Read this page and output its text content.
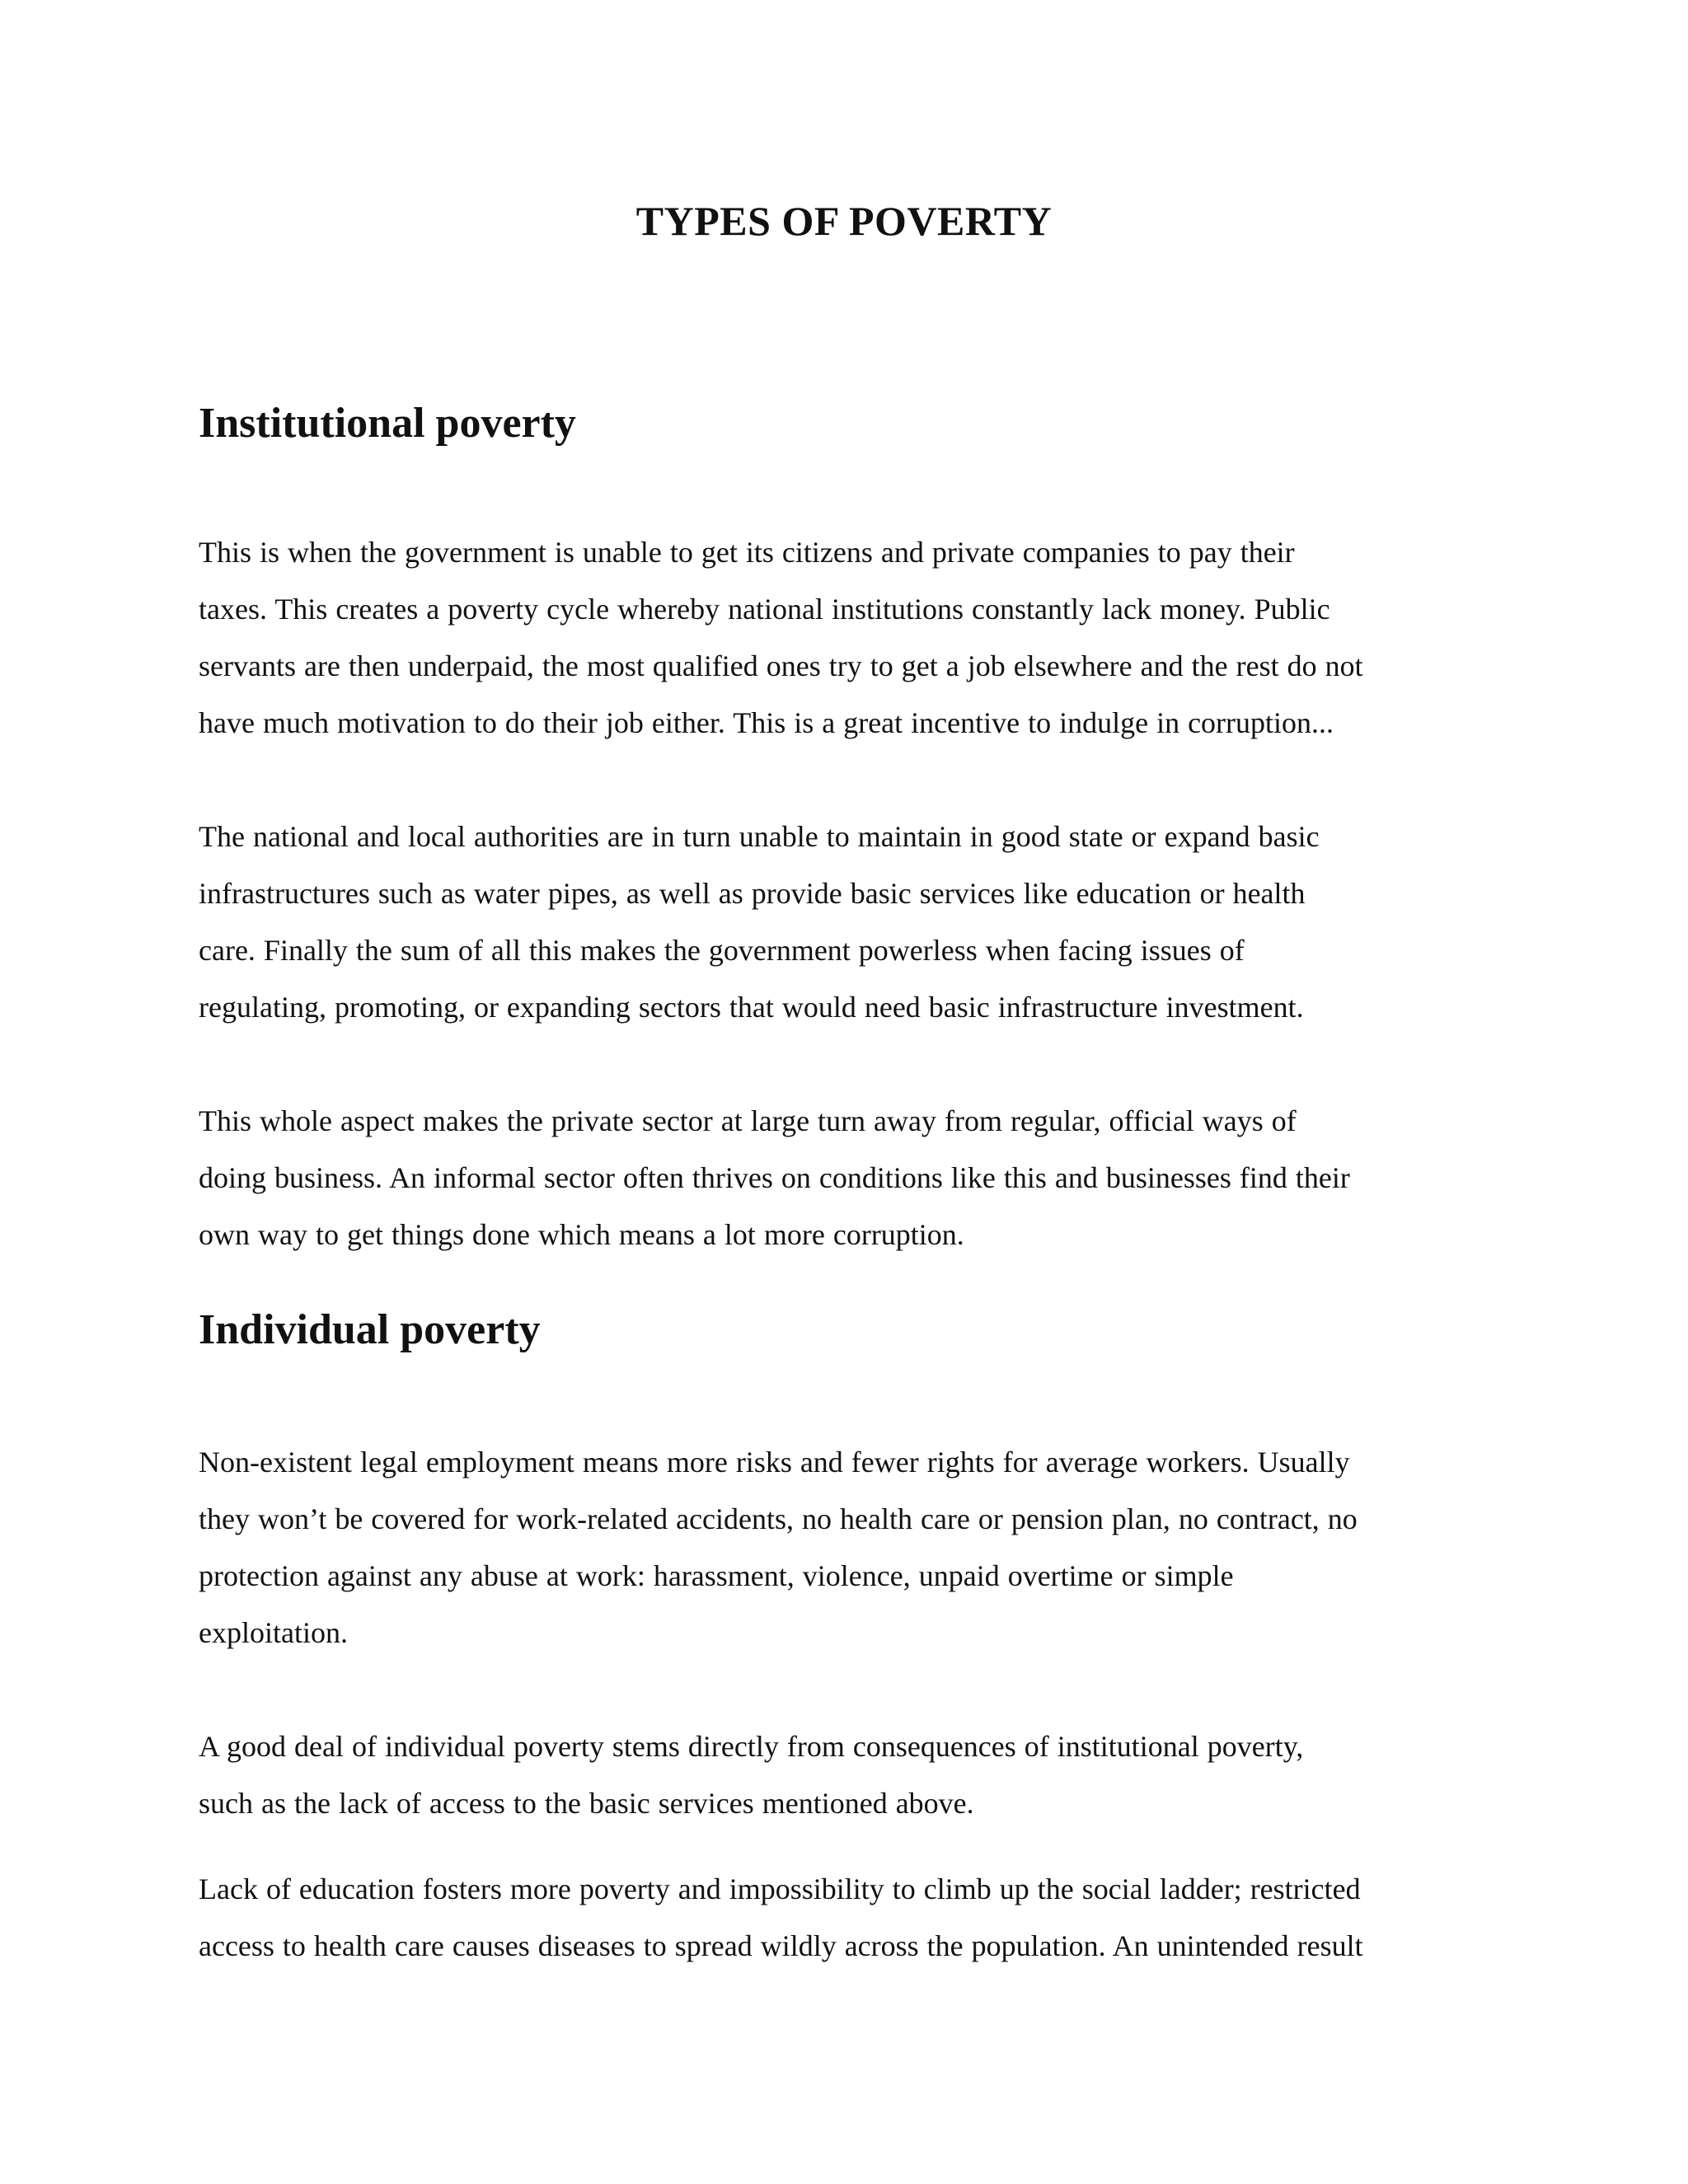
TYPES OF POVERTY
Institutional poverty

This is when the government is unable to get its citizens and private companies to pay their
taxes. This creates a poverty cycle whereby national institutions constantly lack money. Public
servants are then underpaid, the most qualified ones try to get a job elsewhere and the rest do not
have much motivation to do their job either. This is a great incentive to indulge in corruption...

The national and local authorities are in turn unable to maintain in good state or expand basic
infrastructures such as water pipes, as well as provide basic services like education or health
care. Finally the sum of all this makes the government powerless when facing issues of
regulating, promoting, or expanding sectors that would need basic infrastructure investment.

This whole aspect makes the private sector at large turn away from regular, official ways of
doing business. An informal sector often thrives on conditions like this and businesses find their
own way to get things done which means a lot more corruption.

Individual poverty

Non-existent legal employment means more risks and fewer rights for average workers. Usually
they won’t be covered for work-related accidents, no health care or pension plan, no contract, no
protection against any abuse at work: harassment, violence, unpaid overtime or simple
exploitation.

A good deal of individual poverty stems directly from consequences of institutional poverty,
such as the lack of access to the basic services mentioned above.

Lack of education fosters more poverty and impossibility to climb up the social ladder; restricted
access to health care causes diseases to spread wildly across the population. An unintended result
